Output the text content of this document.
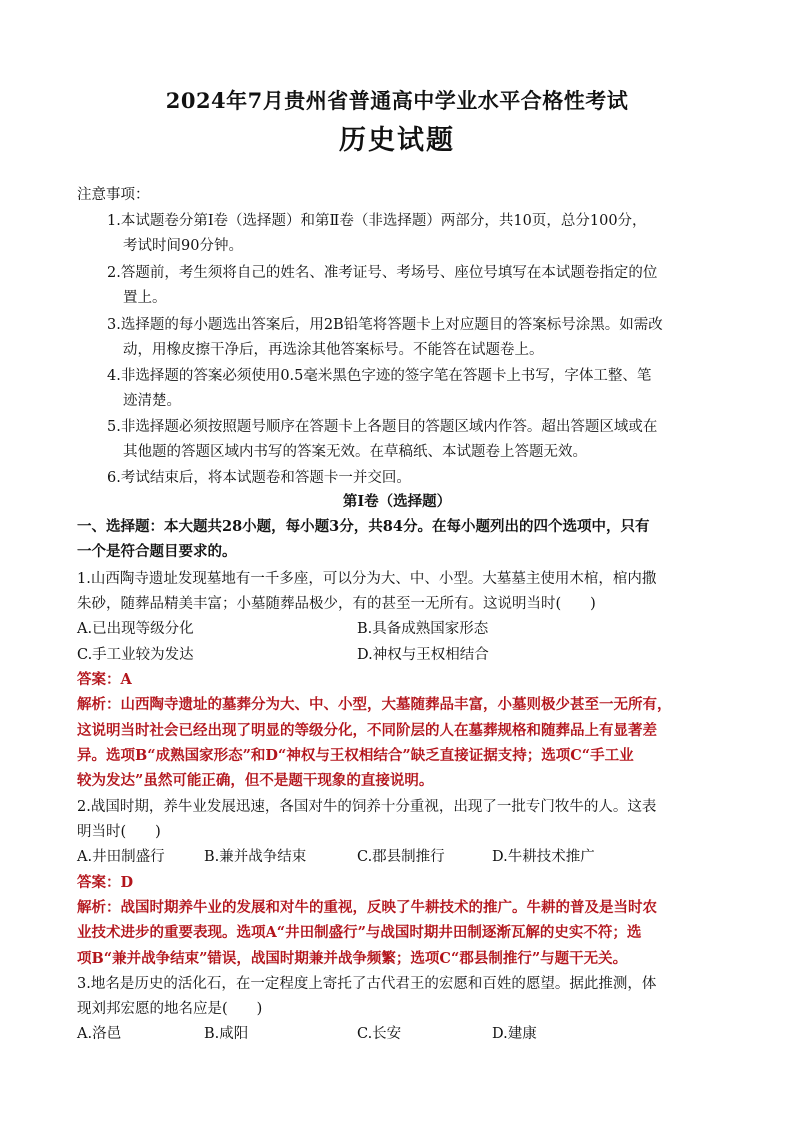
2024年7月贵州省普通高中学业水平合格性考试
历史试题
注意事项：
1.本试题卷分第Ⅰ卷（选择题）和第Ⅱ卷（非选择题）两部分，共10页，总分100分，
考试时间90分钟。
2.答题前，考生须将自己的姓名、准考证号、考场号、座位号填写在本试题卷指定的位
置上。
3.选择题的每小题选出答案后，用2B铅笔将答题卡上对应题目的答案标号涂黑。如需改
动，用橡皮擦干净后，再选涂其他答案标号。不能答在试题卷上。
4.非选择题的答案必须使用0.5毫米黑色字迹的签字笔在答题卡上书写，字体工整、笔
迹清楚。
5.非选择题必须按照题号顺序在答题卡上各题目的答题区域内作答。超出答题区域或在
其他题的答题区域内书写的答案无效。在草稿纸、本试题卷上答题无效。
6.考试结束后，将本试题卷和答题卡一并交回。
第Ⅰ卷（选择题）
一、选择题：本大题共28小题，每小题3分，共84分。在每小题列出的四个选项中，只有
一个是符合题目要求的。
1.山西陶寺遗址发现墓地有一千多座，可以分为大、中、小型。大墓墓主使用木棺，棺内撒
朱砂，随葬品精美丰富；小墓随葬品极少，有的甚至一无所有。这说明当时(　　)
A.已出现等级分化	B.具备成熟国家形态
C.手工业较为发达	D.神权与王权相结合
答案：A
解析：山西陶寺遗址的墓葬分为大、中、小型，大墓随葬品丰富，小墓则极少甚至一无所有，
这说明当时社会已经出现了明显的等级分化，不同阶层的人在墓葬规格和随葬品上有显著差
异。选项B“成熟国家形态”和D“神权与王权相结合”缺乏直接证据支持；选项C“手工业
较为发达”虽然可能正确，但不是题干现象的直接说明。
2.战国时期，养牛业发展迅速，各国对牛的饲养十分重视，出现了一批专门牧牛的人。这表
明当时(　　)
A.井田制盛行	B.兼并战争结束	C.郡县制推行	D.牛耕技术推广
答案：D
解析：战国时期养牛业的发展和对牛的重视，反映了牛耕技术的推广。牛耕的普及是当时农
业技术进步的重要表现。选项A“井田制盛行”与战国时期井田制逐渐瓦解的史实不符；选
项B“兼并战争结束”错误，战国时期兼并战争频繁；选项C“郡县制推行”与题干无关。
3.地名是历史的活化石，在一定程度上寄托了古代君王的宏愿和百姓的愿望。据此推测，体
现刘邦宏愿的地名应是(　　)
A.洛邑	B.咸阳	C.长安	D.建康
